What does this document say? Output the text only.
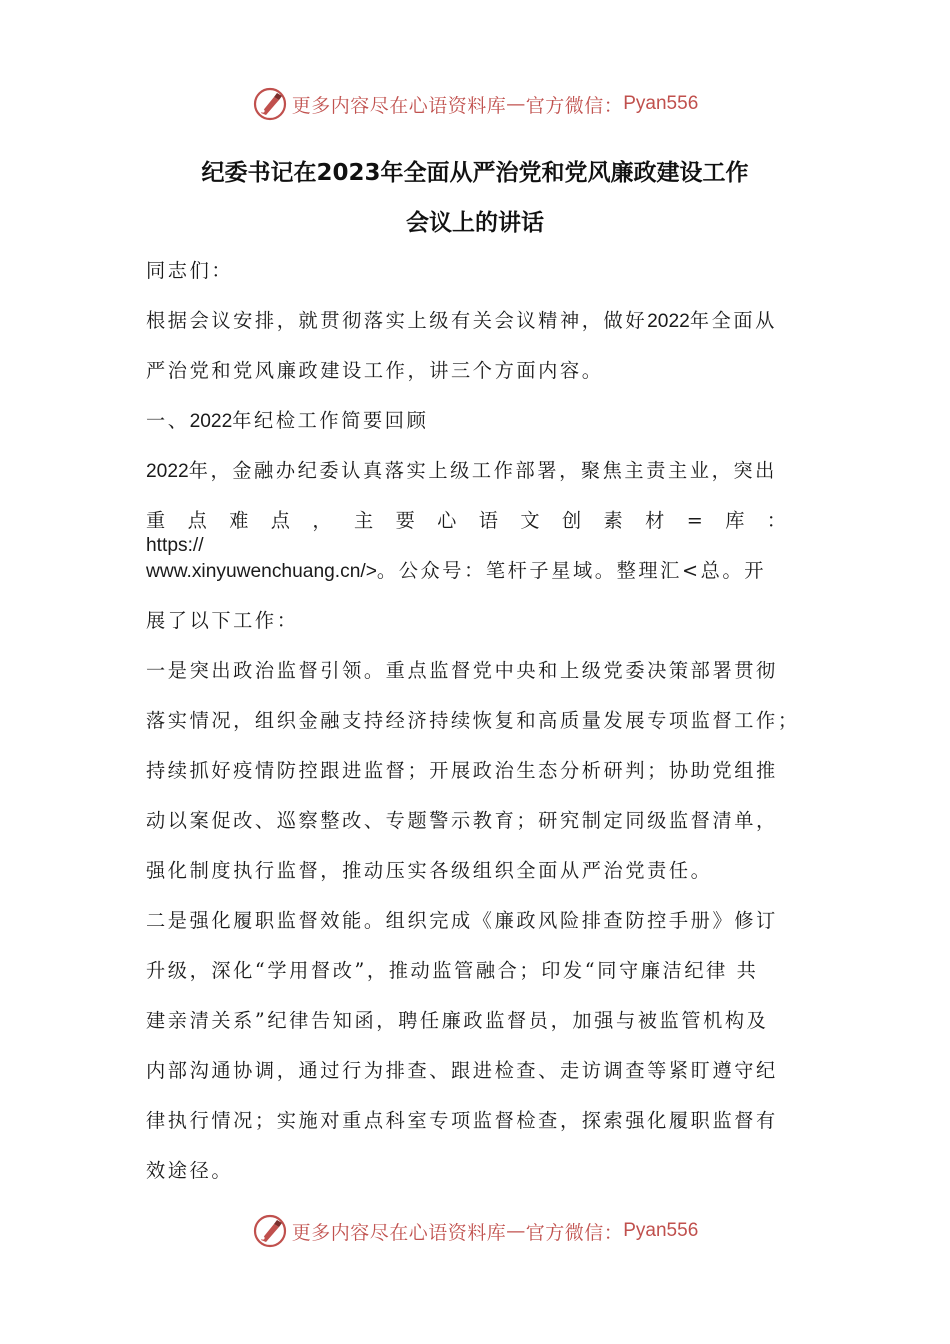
更多内容尽在心语资料库 — 官方微信： Pyan556
纪委书记在2023年全面从严治党和党风廉政建设工作
会议上的讲话
同志们：
根据会议安排，就贯彻落实上级有关会议精神，做好2022年全面从
严治党和党风廉政建设工作，讲三个方面内容。
一、2022年纪检工作简要回顾
2022年，金融办纪委认真落实上级工作部署，聚焦主责主业，突出
重点难点，主要心语文创素材=库： https://
www.xinyuwenchuang.cn/>。公众号：笔杆子星域。整理汇<总。开
展了以下工作：
一是突出政治监督引领。重点监督党中央和上级党委决策部署贯彻
落实情况，组织金融支持经济持续恢复和高质量发展专项监督工作；
持续抓好疫情防控跟进监督；开展政治生态分析研判；协助党组推
动以案促改、巡察整改、专题警示教育；研究制定同级监督清单，
强化制度执行监督，推动压实各级组织全面从严治党责任。
二是强化履职监督效能。组织完成《廉政风险排查防控手册》修订
升级，深化“学用督改”，推动监管融合；印发“同守廉洁纪律 共
建亲清关系”纪律告知函，聘任廉政监督员，加强与被监管机构及
内部沟通协调，通过行为排查、跟进检查、走访调查等紧盯遵守纪
律执行情况；实施对重点科室专项监督检查，探索强化履职监督有
效途径。
更多内容尽在心语资料库 — 官方微信： Pyan556
